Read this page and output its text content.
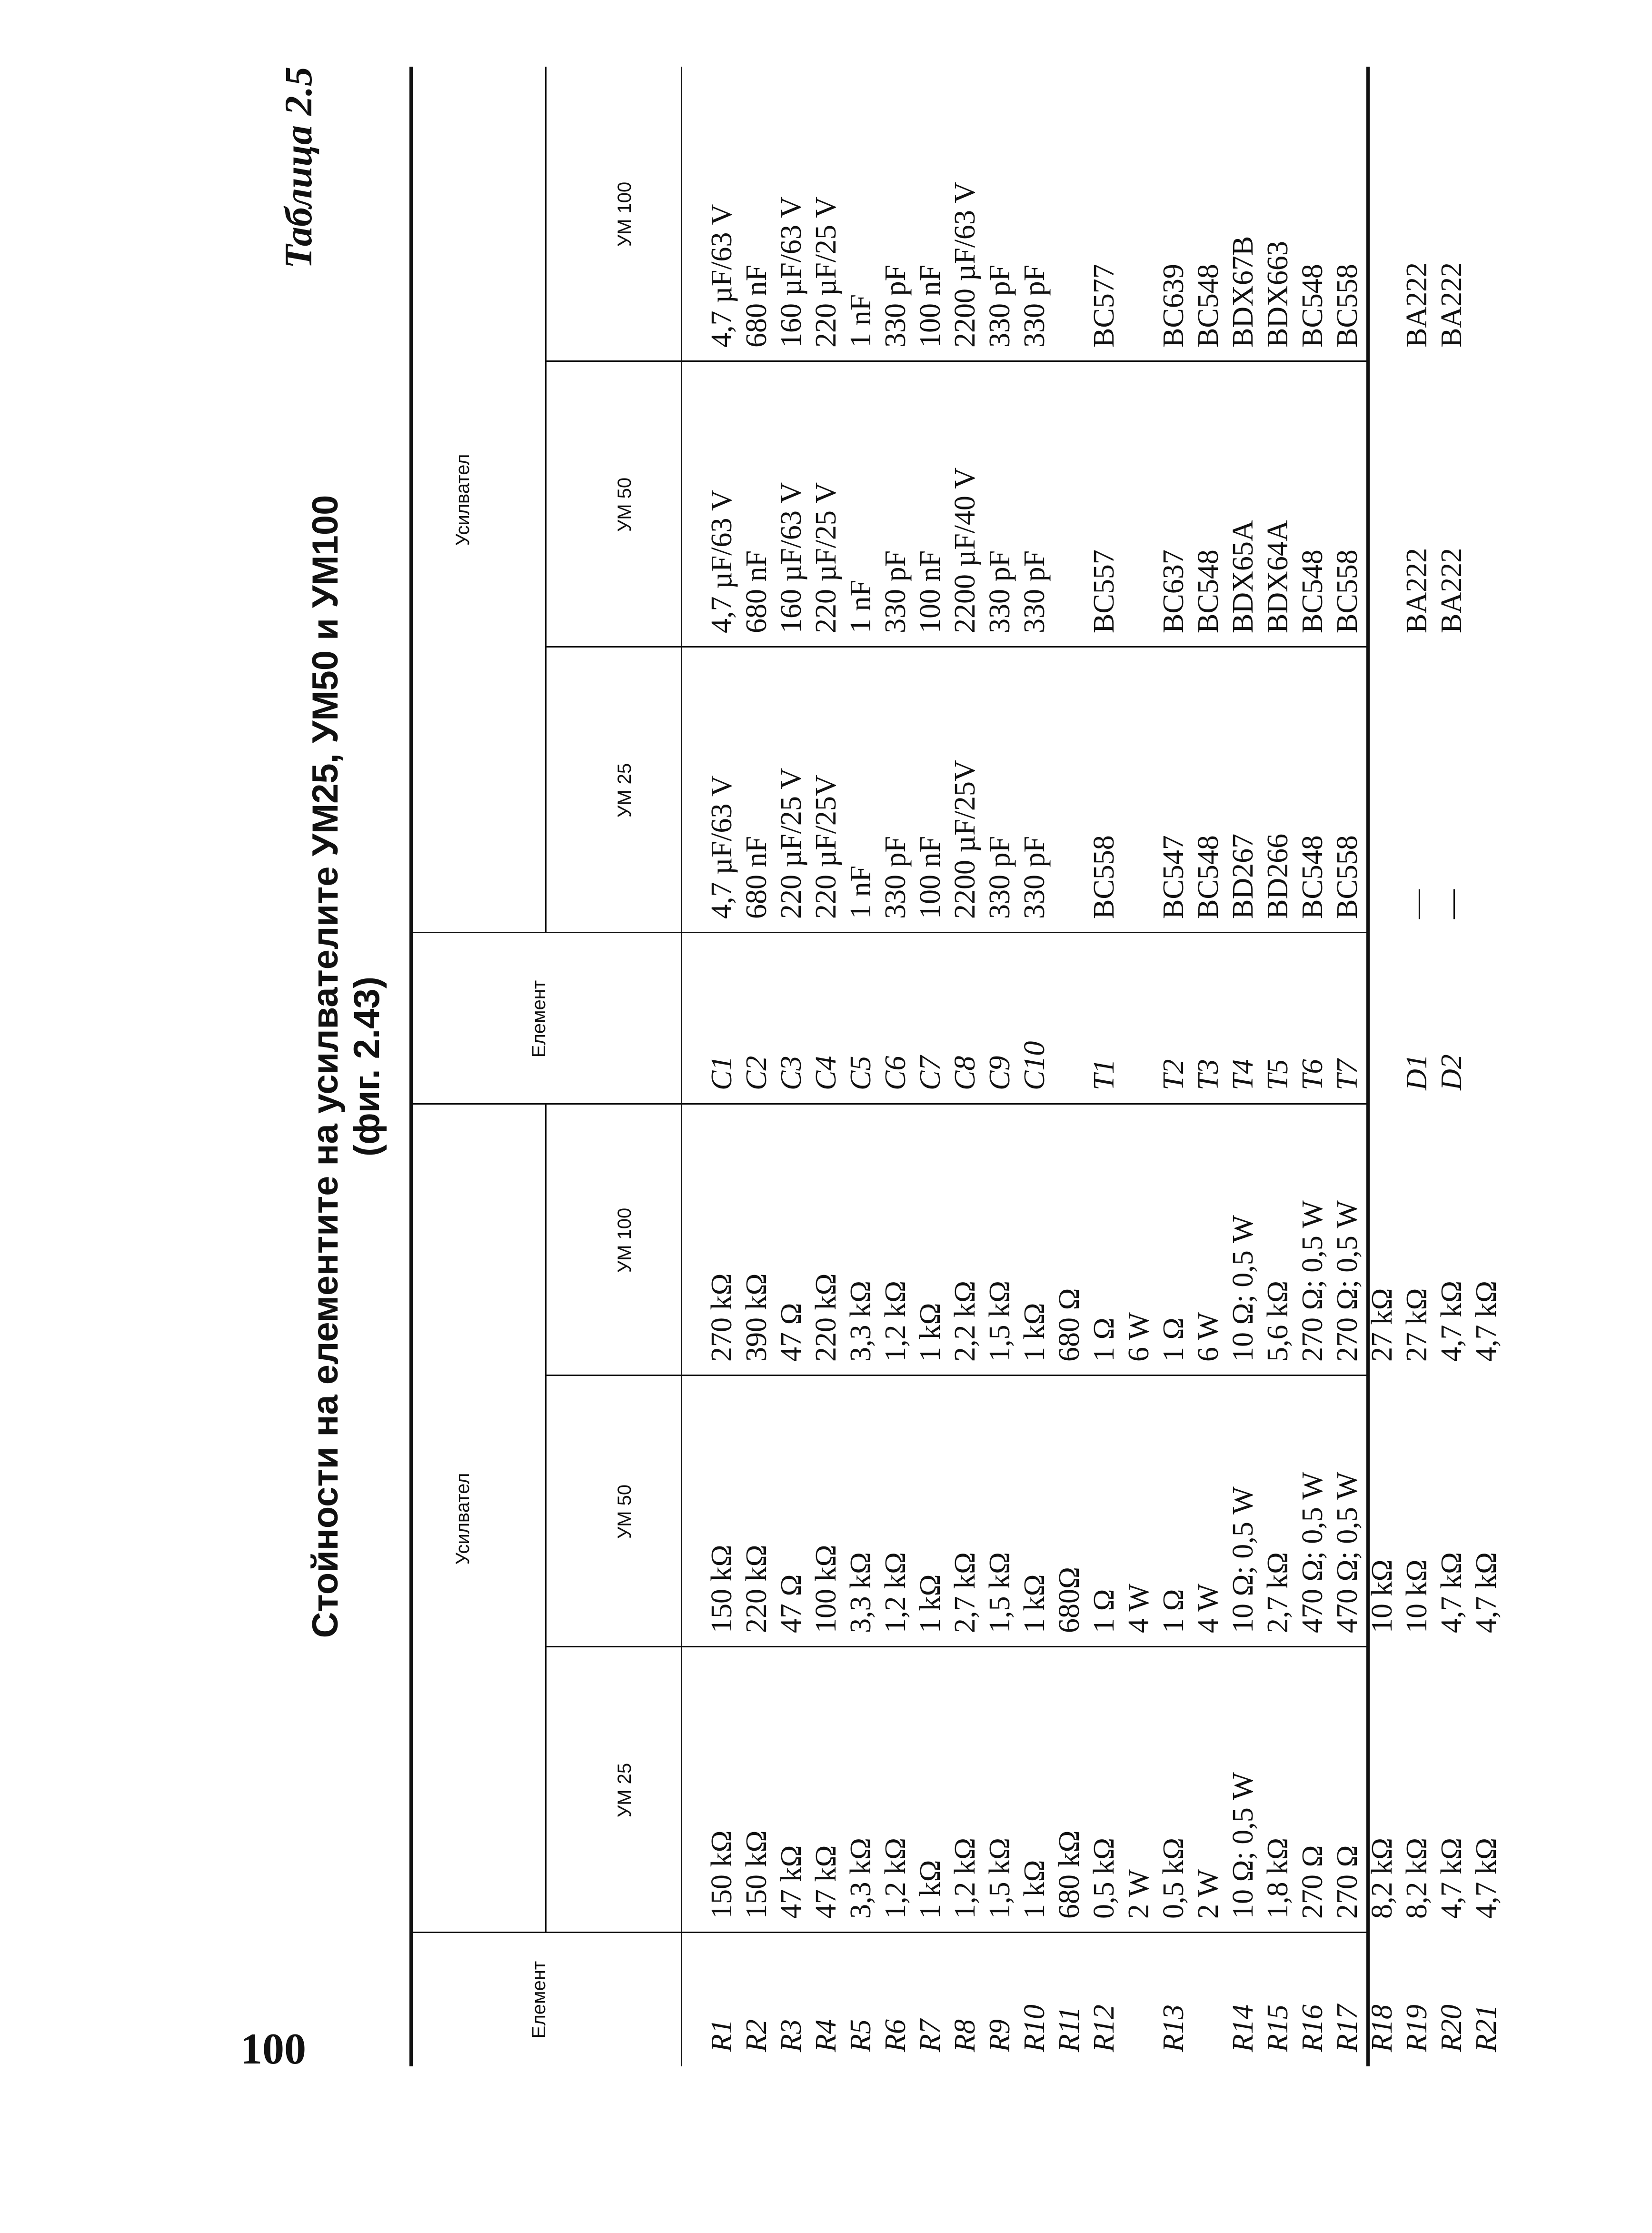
100
Таблица 2.5
Стойности на елементите на усилвателите УМ25, УМ50 и УМ100 (фиг. 2.43)
Елемент
Усилвател
УМ 25
УМ 50
УМ 100
Елемент
Усилвател
УМ 25
УМ 50
УМ 100
R1 R2 R3 R4 R5 R6 R7 R8 R9 R10 R11 R12 R13 R14 R15 R16 R17 R18 R19 R20 R21
150 kΩ 150 kΩ 47 kΩ 47 kΩ 3,3 kΩ 1,2 kΩ 1 kΩ 1,2 kΩ 1,5 kΩ 1 kΩ 680 kΩ 0,5 kΩ 2 W 0,5 kΩ 2 W 10 Ω; 0,5 W 1,8 kΩ 270 Ω 270 Ω 8,2 kΩ 8,2 kΩ 4,7 kΩ 4,7 kΩ
150 kΩ 220 kΩ 47 Ω 100 kΩ 3,3 kΩ 1,2 kΩ 1 kΩ 2,7 kΩ 1,5 kΩ 1 kΩ 680Ω 1 Ω 4 W 1 Ω 4 W 10 Ω; 0,5 W 2,7 kΩ 470 Ω; 0,5 W 470 Ω; 0,5 W 10 kΩ 10 kΩ 4,7 kΩ 4,7 kΩ
270 kΩ 390 kΩ 47 Ω 220 kΩ 3,3 kΩ 1,2 kΩ 1 kΩ 2,2 kΩ 1,5 kΩ 1 kΩ 680 Ω 1 Ω 6 W 1 Ω 6 W 10 Ω; 0,5 W 5,6 kΩ 270 Ω; 0,5 W 270 Ω; 0,5 W 27 kΩ 27 kΩ 4,7 kΩ 4,7 kΩ
C1 C2 C3 C4 C5 C6 C7 C8 C9 C10 T1 T2 T3 T4 T5 T6 T7 D1 D2
4,7 µF/63 V 680 nF 220 µF/25 V 220 µF/25V 1 nF 330 pF 100 nF 2200 µF/25V 330 pF 330 pF BC558 BC547 BC548 BD267 BD266 BC548 BC558 — —
4,7 µF/63 V 680 nF 160 µF/63 V 220 µF/25 V 1 nF 330 pF 100 nF 2200 µF/40 V 330 pF 330 pF BC557 BC637 BC548 BDX65A BDX64A BC548 BC558 BA222 BA222
4,7 µF/63 V 680 nF 160 µF/63 V 220 µF/25 V 1 nF 330 pF 100 nF 2200 µF/63 V 330 pF 330 pF BC577 BC639 BC548 BDX67B BDX663 BC548 BC558 BA222 BA222
